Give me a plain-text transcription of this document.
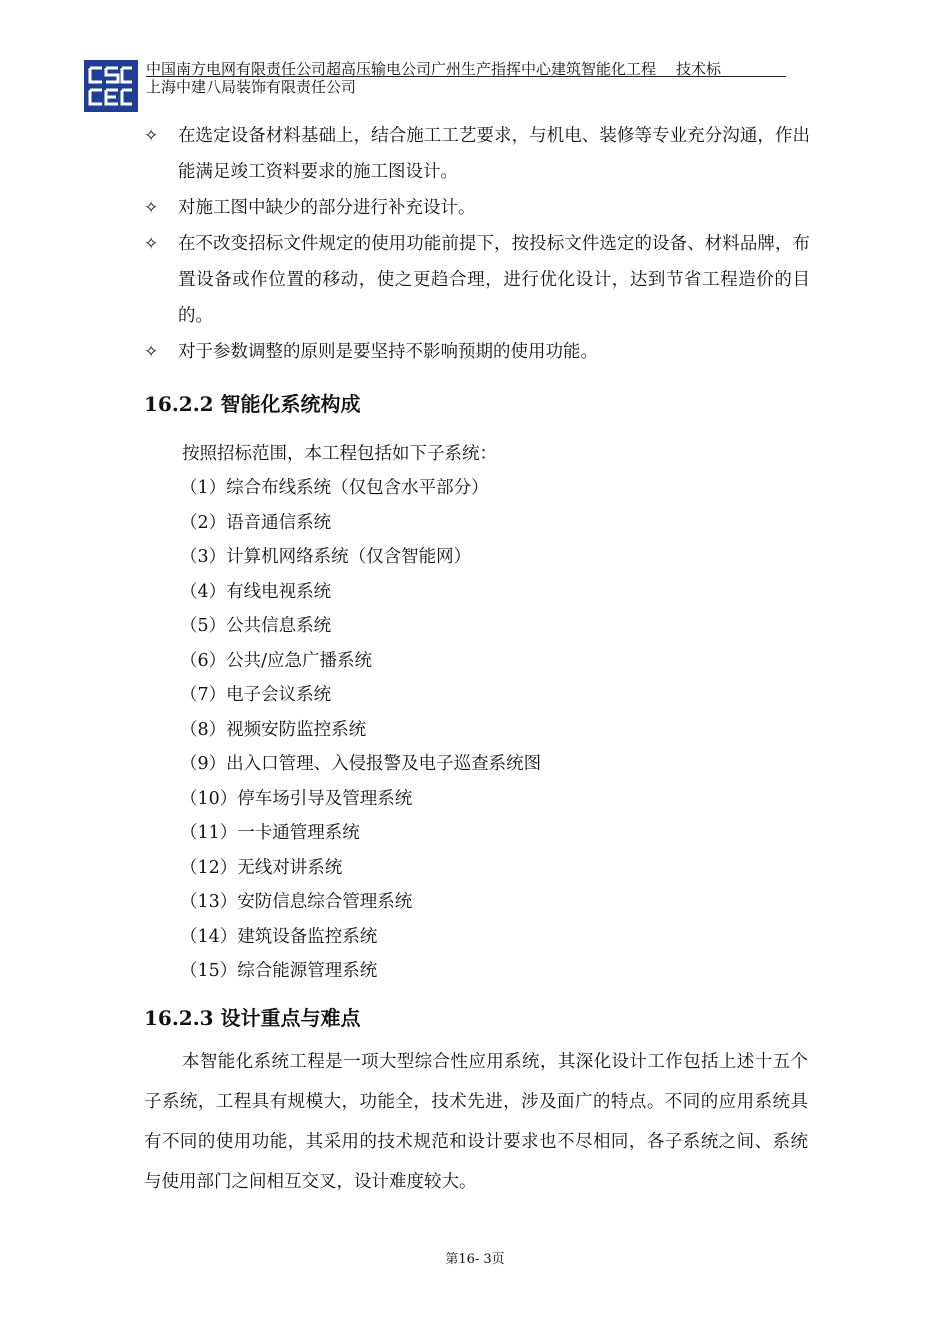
中国南方电网有限责任公司超高压输电公司广州生产指挥中心建筑智能化工程 技术标
上海中建八局装饰有限责任公司
✧	在选定设备材料基础上，结合施工工艺要求，与机电、装修等专业充分沟通，作出能满足竣工资料要求的施工图设计。
✧	对施工图中缺少的部分进行补充设计。
✧	在不改变招标文件规定的使用功能前提下，按投标文件选定的设备、材料品牌，布置设备或作位置的移动，使之更趋合理，进行优化设计，达到节省工程造价的目的。
✧	对于参数调整的原则是要坚持不影响预期的使用功能。
16.2.2 智能化系统构成
按照招标范围，本工程包括如下子系统：
（1）综合布线系统（仅包含水平部分）
（2）语音通信系统
（3）计算机网络系统（仅含智能网）
（4）有线电视系统
（5）公共信息系统
（6）公共/应急广播系统
（7）电子会议系统
（8）视频安防监控系统
（9）出入口管理、入侵报警及电子巡查系统图
（10）停车场引导及管理系统
（11）一卡通管理系统
（12）无线对讲系统
（13）安防信息综合管理系统
（14）建筑设备监控系统
（15）综合能源管理系统
16.2.3 设计重点与难点
本智能化系统工程是一项大型综合性应用系统，其深化设计工作包括上述十五个子系统，工程具有规模大，功能全，技术先进，涉及面广的特点。不同的应用系统具有不同的使用功能，其采用的技术规范和设计要求也不尽相同，各子系统之间、系统与使用部门之间相互交叉，设计难度较大。
第16- 3页
